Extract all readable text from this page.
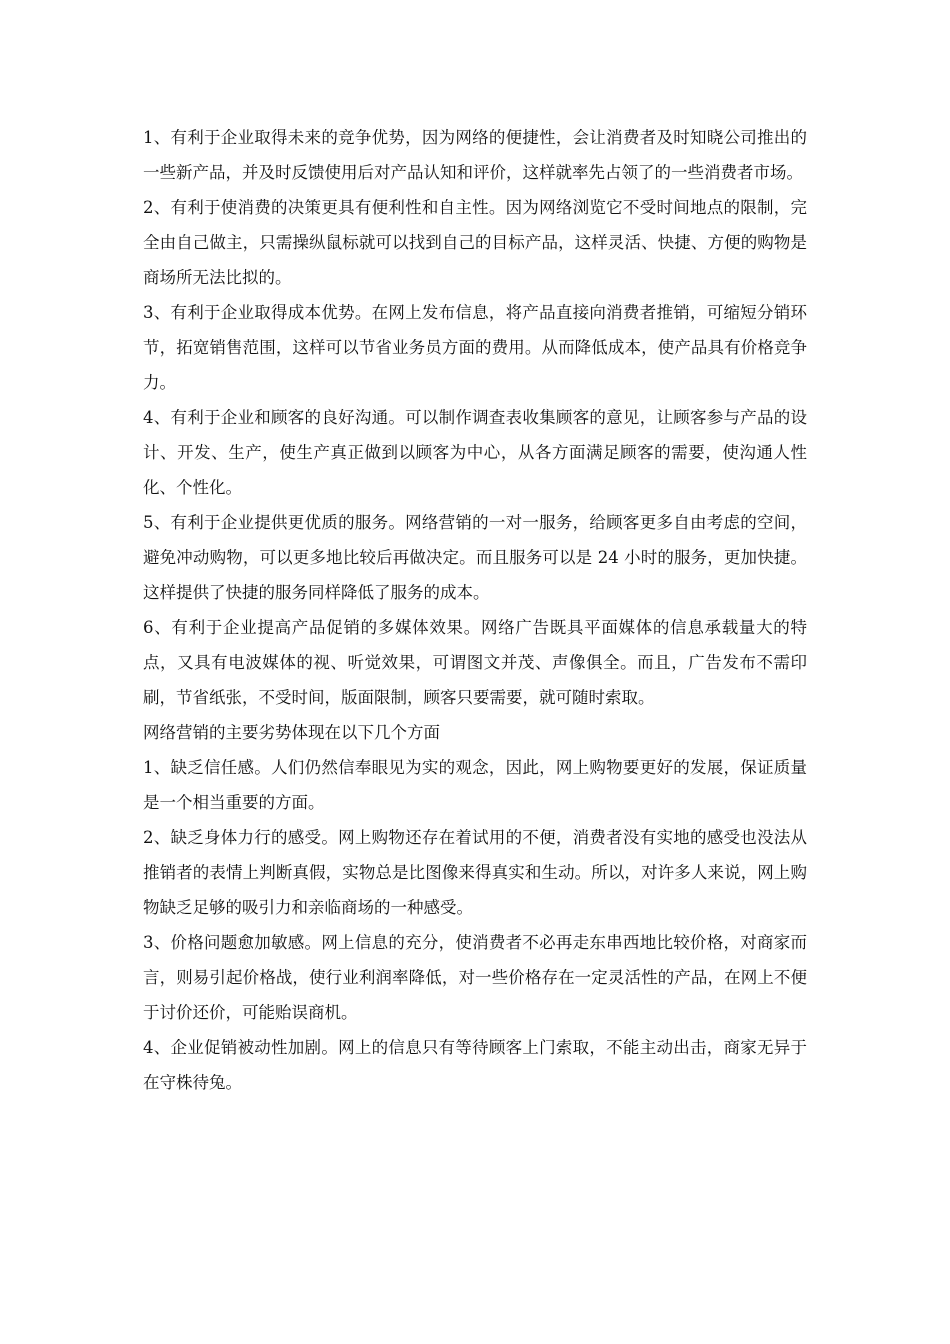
1、有利于企业取得未来的竞争优势，因为网络的便捷性，会让消费者及时知晓公司推出的一些新产品，并及时反馈使用后对产品认知和评价，这样就率先占领了的一些消费者市场。

2、有利于使消费的决策更具有便利性和自主性。因为网络浏览它不受时间地点的限制，完全由自己做主，只需操纵鼠标就可以找到自己的目标产品，这样灵活、快捷、方便的购物是商场所无法比拟的。

3、有利于企业取得成本优势。在网上发布信息，将产品直接向消费者推销，可缩短分销环节，拓宽销售范围，这样可以节省业务员方面的费用。从而降低成本，使产品具有价格竞争力。

4、有利于企业和顾客的良好沟通。可以制作调查表收集顾客的意见，让顾客参与产品的设计、开发、生产，使生产真正做到以顾客为中心，从各方面满足顾客的需要，使沟通人性化、个性化。

5、有利于企业提供更优质的服务。网络营销的一对一服务，给顾客更多自由考虑的空间，避免冲动购物，可以更多地比较后再做决定。而且服务可以是 24 小时的服务，更加快捷。这样提供了快捷的服务同样降低了服务的成本。

6、有利于企业提高产品促销的多媒体效果。网络广告既具平面媒体的信息承载量大的特点，又具有电波媒体的视、听觉效果，可谓图文并茂、声像俱全。而且，广告发布不需印刷，节省纸张，不受时间，版面限制，顾客只要需要，就可随时索取。

网络营销的主要劣势体现在以下几个方面

1、缺乏信任感。人们仍然信奉眼见为实的观念，因此，网上购物要更好的发展，保证质量是一个相当重要的方面。

2、缺乏身体力行的感受。网上购物还存在着试用的不便，消费者没有实地的感受也没法从推销者的表情上判断真假，实物总是比图像来得真实和生动。所以，对许多人来说，网上购物缺乏足够的吸引力和亲临商场的一种感受。

3、价格问题愈加敏感。网上信息的充分，使消费者不必再走东串西地比较价格，对商家而言，则易引起价格战，使行业利润率降低，对一些价格存在一定灵活性的产品，在网上不便于讨价还价，可能贻误商机。

4、企业促销被动性加剧。网上的信息只有等待顾客上门索取，不能主动出击，商家无异于在守株待兔。
